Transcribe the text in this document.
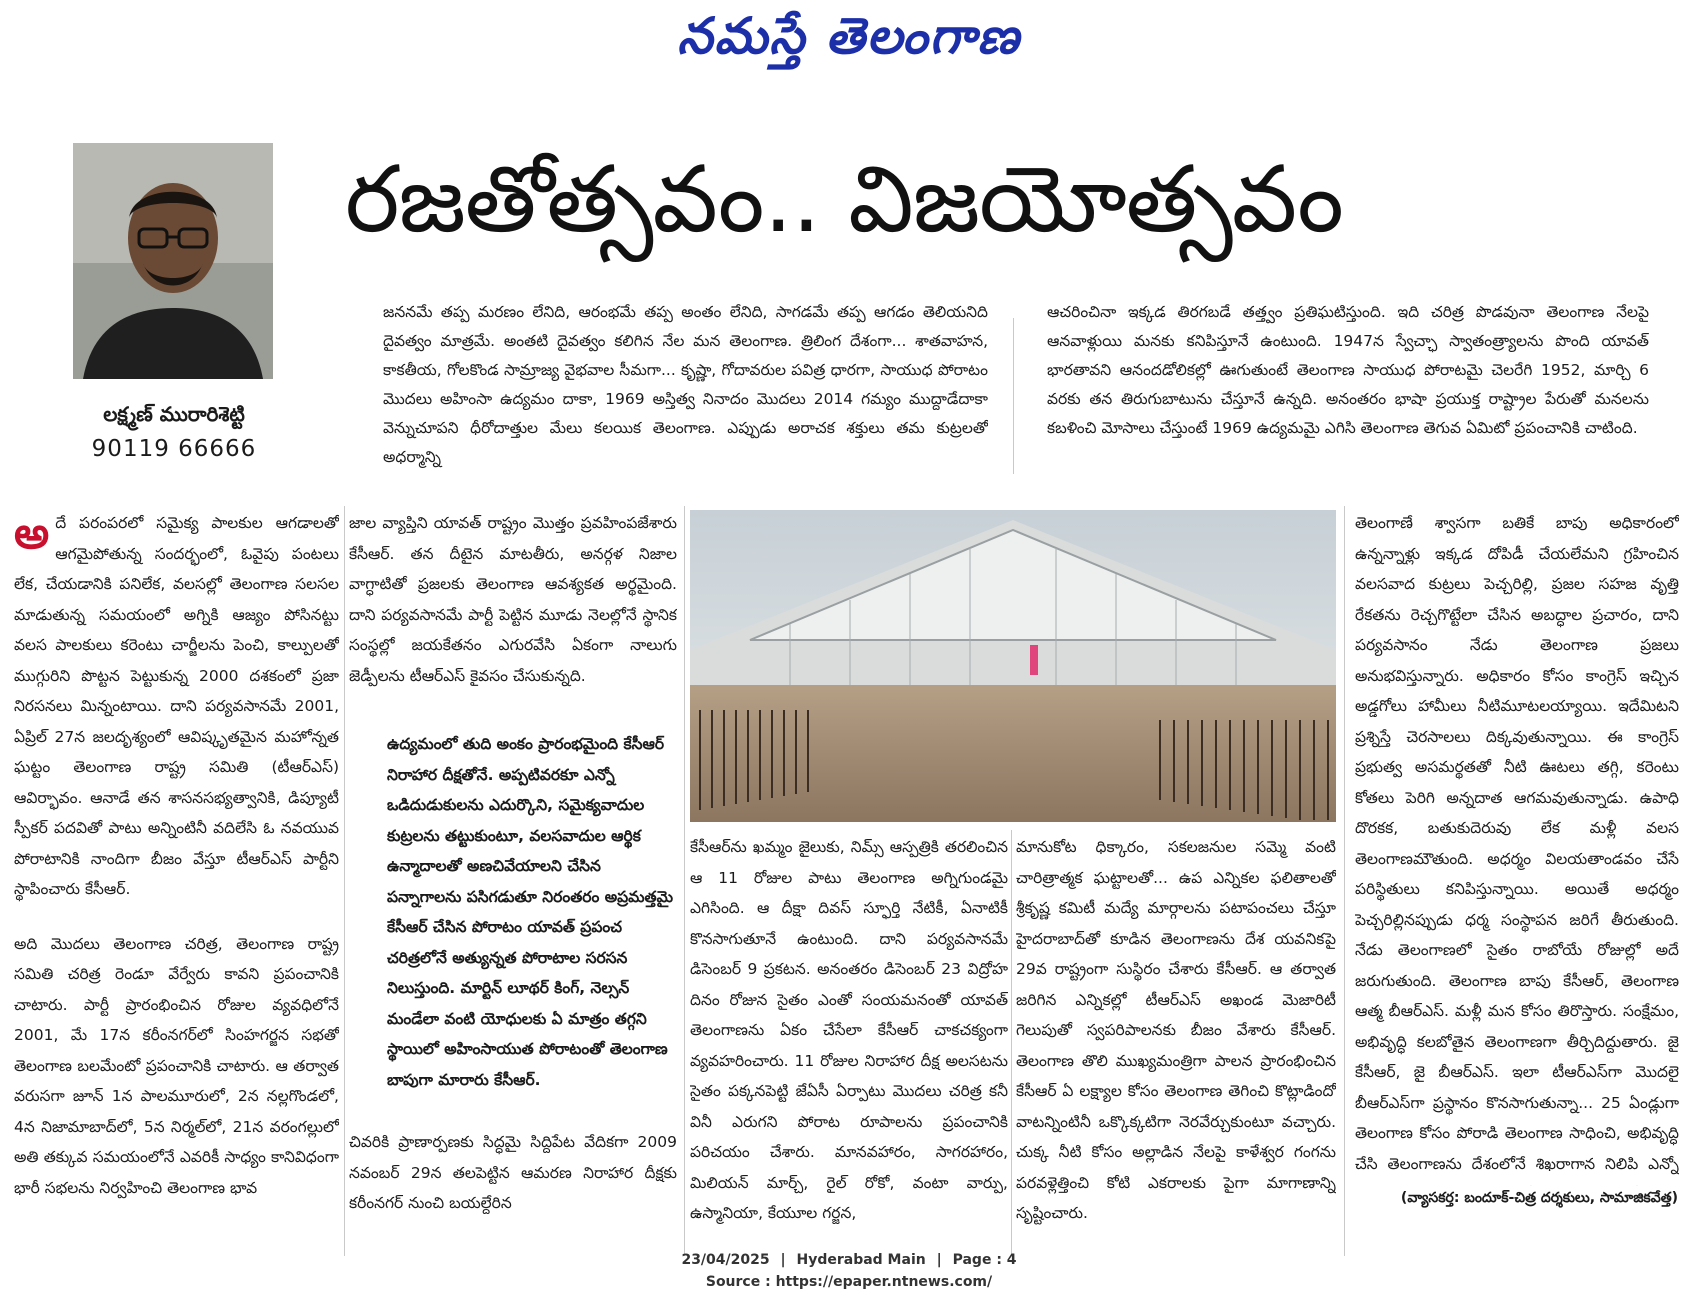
నమస్తే తెలంగాణ
లక్ష్మణ్ మురారిశెట్టి
90119 66666
రజతోత్సవం.. విజయోత్సవం

జననమే తప్ప మరణం లేనిది, ఆరంభమే తప్ప అంతం లేనిది, సాగడమే తప్ప ఆగడం తెలియనిది దైవత్వం మాత్రమే. అంతటి దైవత్వం కలిగిన నేల మన తెలంగాణ. త్రిలింగ దేశంగా... శాతవాహన, కాకతీయ, గోలకొండ సామ్రాజ్య వైభవాల సీమగా... కృష్ణా, గోదావరుల పవిత్ర ధారగా, సాయుధ పోరాటం మొదలు అహింసా ఉద్యమం దాకా, 1969 అస్తిత్వ నినాదం మొదలు 2014 గమ్యం ముద్దాడేదాకా వెన్నుచూపని ధీరోదాత్తుల మేలు కలయిక తెలంగాణ. ఎప్పుడు అరాచక శక్తులు తమ కుట్రలతో అధర్మాన్ని

ఆచరించినా ఇక్కడ తిరగబడే తత్త్వం ప్రతిఘటిస్తుంది. ఇది చరిత్ర పొడవునా తెలంగాణ నేలపై ఆనవాళ్లుయి మనకు కనిపిస్తూనే ఉంటుంది. 1947న స్వేచ్ఛా స్వాతంత్ర్యాలను పొంది యావత్ భారతావని ఆనందడోలికల్లో ఊగుతుంటే తెలంగాణ సాయుధ పోరాటమై చెలరేగి 1952, మార్చి 6 వరకు తన తిరుగుబాటును చేస్తూనే ఉన్నది. అనంతరం భాషా ప్రయుక్త రాష్ట్రాల పేరుతో మనలను కబళించి మోసాలు చేస్తుంటే 1969 ఉద్యమమై ఎగిసి తెలంగాణ తెగువ ఏమిటో ప్రపంచానికి చాటింది.

అ దే పరంపరలో సమైక్య పాలకుల ఆగడాలతో ఆగమైపోతున్న సందర్భంలో, ఓవైపు పంటలు లేక, చేయడానికి పనిలేక, వలసల్లో తెలంగాణ సలసల మాడుతున్న సమయంలో అగ్నికి ఆజ్యం పోసినట్టు వలస పాలకులు కరెంటు చార్జీలను పెంచి, కాల్పులతో ముగ్గురిని పొట్టన పెట్టుకున్న 2000 దశకంలో ప్రజా నిరసనలు మిన్నంటాయి. దాని పర్యవసానమే 2001, ఏప్రిల్ 27న జలదృశ్యంలో ఆవిష్కృతమైన మహోన్నత ఘట్టం తెలంగాణ రాష్ట్ర సమితి (టీఆర్ఎస్) ఆవిర్భావం. ఆనాడే తన శాసనసభ్యత్వానికి, డిప్యూటీ స్పీకర్ పదవితో పాటు అన్నింటినీ వదిలేసి ఓ నవయువ పోరాటానికి నాందిగా బీజం వేస్తూ టీఆర్ఎస్ పార్టీని స్థాపించారు కేసీఆర్.

అది మొదలు తెలంగాణ చరిత్ర, తెలంగాణ రాష్ట్ర సమితి చరిత్ర రెండూ వేర్వేరు కావని ప్రపంచానికి చాటారు. పార్టీ ప్రారంభించిన రోజుల వ్యవధిలోనే 2001, మే 17న కరీంనగర్‌లో సింహగర్జన సభతో తెలంగాణ బలమేంటో ప్రపంచానికి చాటారు. ఆ తర్వాత వరుసగా జూన్ 1న పాలమూరులో, 2న నల్లగొండలో, 4న నిజామాబాద్‌లో, 5న నిర్మల్‌లో, 21న వరంగల్లులో అతి తక్కువ సమయంలోనే ఎవరికీ సాధ్యం కానివిధంగా భారీ సభలను నిర్వహించి తెలంగాణ భావ

జాల వ్యాప్తిని యావత్ రాష్ట్రం మొత్తం ప్రవహింపజేశారు కేసీఆర్. తన దీటైన మాటతీరు, అనర్గళ నిజాల వాగ్ధాటితో ప్రజలకు తెలంగాణ ఆవశ్యకత అర్థమైంది. దాని పర్యవసానమే పార్టీ పెట్టిన మూడు నెలల్లోనే స్థానిక సంస్థల్లో జయకేతనం ఎగురవేసి ఏకంగా నాలుగు జెడ్పీలను టీఆర్ఎస్ కైవసం చేసుకున్నది.

ఉద్యమంలో తుది అంకం ప్రారంభమైంది కేసీఆర్ నిరాహార దీక్షతోనే. అప్పటివరకూ ఎన్నో ఒడిదుడుకులను ఎదుర్కొని, సమైక్యవాదుల కుట్రలను తట్టుకుంటూ, వలసవాదుల ఆర్థిక ఉన్మాదాలతో అణచివేయాలని చేసిన పన్నాగాలను పసిగడుతూ నిరంతరం అప్రమత్తమై కేసీఆర్ చేసిన పోరాటం యావత్ ప్రపంచ చరిత్రలోనే అత్యున్నత పోరాటాల సరసన నిలుస్తుంది. మార్టిన్ లూథర్ కింగ్, నెల్సన్ మండేలా వంటి యోధులకు ఏ మాత్రం తగ్గని స్థాయిలో అహింసాయుత పోరాటంతో తెలంగాణ బాపుగా మారారు కేసీఆర్.

చివరికి ప్రాణార్పణకు సిద్ధమై సిద్దిపేట వేదికగా 2009 నవంబర్ 29న తలపెట్టిన ఆమరణ నిరాహార దీక్షకు కరీంనగర్ నుంచి బయల్దేరిన

కేసీఆర్‌ను ఖమ్మం జైలుకు, నిమ్స్ ఆస్పత్రికి తరలించిన ఆ 11 రోజుల పాటు తెలంగాణ అగ్నిగుండమై ఎగిసింది. ఆ దీక్షా దివస్ స్ఫూర్తి నేటికీ, ఏనాటికీ కొనసాగుతూనే ఉంటుంది. దాని పర్యవసానమే డిసెంబర్ 9 ప్రకటన. అనంతరం డిసెంబర్ 23 విద్రోహ దినం రోజున సైతం ఎంతో సంయమనంతో యావత్ తెలంగాణను ఏకం చేసేలా కేసీఆర్ చాకచక్యంగా వ్యవహరించారు. 11 రోజుల నిరాహార దీక్ష అలసటను సైతం పక్కనపెట్టి జేఏసీ ఏర్పాటు మొదలు చరిత్ర కనీ వినీ ఎరుగని పోరాట రూపాలను ప్రపంచానికి పరిచయం చేశారు. మానవహారం, సాగరహారం, మిలియన్ మార్చ్, రైల్ రోకో, వంటా వార్పు, ఉస్మానియా, కేయూల గర్జన,

మానుకోట ధిక్కారం, సకలజనుల సమ్మె వంటి చారిత్రాత్మక ఘట్టాలతో... ఉప ఎన్నికల ఫలితాలతో శ్రీకృష్ణ కమిటీ మద్యే మార్గాలను పటాపంచలు చేస్తూ హైదరాబాద్‌తో కూడిన తెలంగాణను దేశ యవనికపై 29వ రాష్ట్రంగా సుస్థిరం చేశారు కేసీఆర్. ఆ తర్వాత జరిగిన ఎన్నికల్లో టీఆర్ఎస్ అఖండ మెజారిటీ గెలుపుతో స్వపరిపాలనకు బీజం వేశారు కేసీఆర్. తెలంగాణ తొలి ముఖ్యమంత్రిగా పాలన ప్రారంభించిన కేసీఆర్ ఏ లక్ష్యాల కోసం తెలంగాణ తెగించి కొట్లాడిందో వాటన్నింటినీ ఒక్కొక్కటిగా నెరవేర్చుకుంటూ వచ్చారు. చుక్క నీటి కోసం అల్లాడిన నేలపై కాళేశ్వర గంగను పరవళ్లెత్తించి కోటి ఎకరాలకు పైగా మాగాణాన్ని సృష్టించారు.

తెలంగాణే శ్వాసగా బతికే బాపు అధికారంలో ఉన్నన్నాళ్లు ఇక్కడ దోపిడీ చేయలేమని గ్రహించిన వలసవాద కుట్రలు పెచ్చరిల్లి, ప్రజల సహజ వృత్తి రేకతను రెచ్చగొట్టేలా చేసిన అబద్ధాల ప్రచారం, దాని పర్యవసానం నేడు తెలంగాణ ప్రజలు అనుభవిస్తున్నారు. అధికారం కోసం కాంగ్రెస్ ఇచ్చిన అడ్డగోలు హామీలు నీటిమూటలయ్యాయి. ఇదేమిటని ప్రశ్నిస్తే చెరసాలలు దిక్కవుతున్నాయి. ఈ కాంగ్రెస్ ప్రభుత్వ అసమర్థతతో నీటి ఊటలు తగ్గి, కరెంటు కోతలు పెరిగి అన్నదాత ఆగమవుతున్నాడు. ఉపాధి దొరకక, బతుకుదెరువు లేక మళ్లీ వలస తెలంగాణమౌతుంది. అధర్మం విలయతాండవం చేసే పరిస్థితులు కనిపిస్తున్నాయి. అయితే అధర్మం పెచ్చరిల్లినప్పుడు ధర్మ సంస్థాపన జరిగే తీరుతుంది. నేడు తెలంగాణలో సైతం రాబోయే రోజుల్లో అదే జరుగుతుంది. తెలంగాణ బాపు కేసీఆర్, తెలంగాణ ఆత్మ బీఆర్ఎస్. మళ్లీ మన కోసం తిరొస్తారు. సంక్షేమం, అభివృద్ధి కలబోతైన తెలంగాణగా తీర్చిదిద్దుతారు. జై కేసీఆర్, జై బీఆర్ఎస్. ఇలా టీఆర్ఎస్‌గా మొదలై బీఆర్ఎస్‌గా ప్రస్థానం కొనసాగుతున్నా... 25 ఏండ్లుగా తెలంగాణ కోసం పోరాడి తెలంగాణ సాధించి, అభివృద్ధి చేసి తెలంగాణను దేశంలోనే శిఖరాగాన నిలిపి ఎన్నో

(వ్యాసకర్త: బందూక్-చిత్ర దర్శకులు, సామాజికవేత్త)
23/04/2025 | Hyderabad Main | Page : 4
Source : https://epaper.ntnews.com/
